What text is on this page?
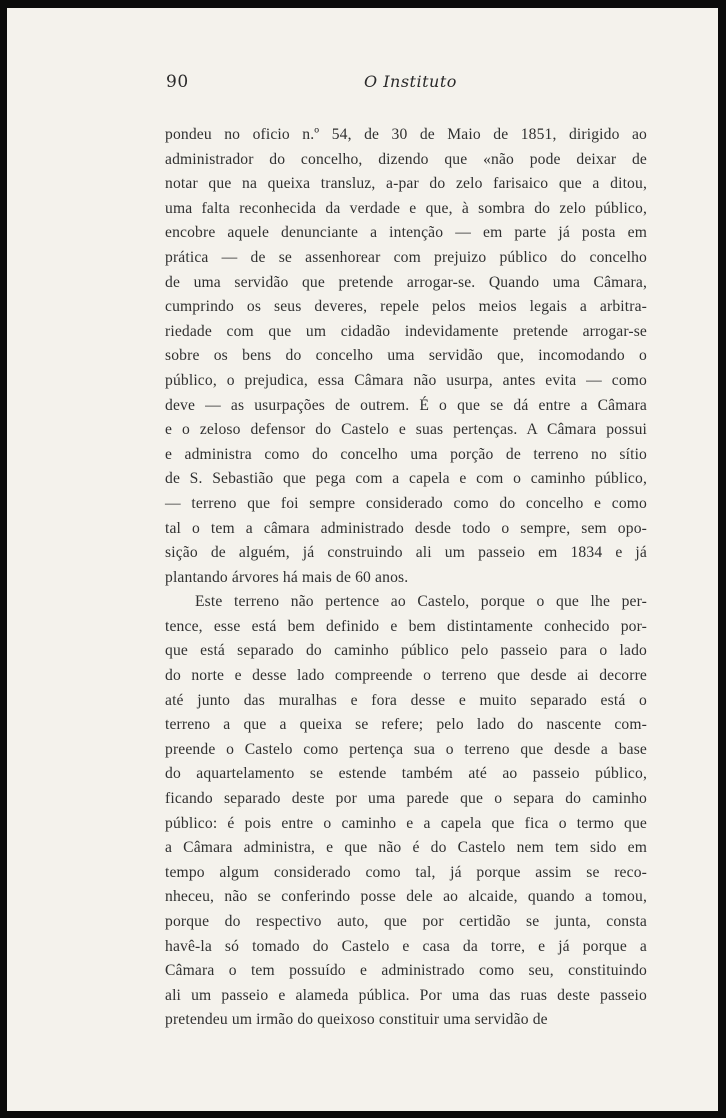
90	O Instituto
pondeu no oficio n.º 54, de 30 de Maio de 1851, dirigido ao
administrador do concelho, dizendo que «não pode deixar de
notar que na queixa transluz, a-par do zelo farisaico que a ditou,
uma falta reconhecida da verdade e que, à sombra do zelo público,
encobre aquele denunciante a intenção — em parte já posta em
prática — de se assenhorear com prejuizo público do concelho
de uma servidão que pretende arrogar-se. Quando uma Câmara,
cumprindo os seus deveres, repele pelos meios legais a arbitra-
riedade com que um cidadão indevidamente pretende arrogar-se
sobre os bens do concelho uma servidão que, incomodando o
público, o prejudica, essa Câmara não usurpa, antes evita — como
deve — as usurpações de outrem. É o que se dá entre a Câmara
e o zeloso defensor do Castelo e suas pertenças. A Câmara possui
e administra como do concelho uma porção de terreno no sítio
de S. Sebastião que pega com a capela e com o caminho público,
— terreno que foi sempre considerado como do concelho e como
tal o tem a câmara administrado desde todo o sempre, sem opo-
sição de alguém, já construindo ali um passeio em 1834 e já
plantando árvores há mais de 60 anos.
Este terreno não pertence ao Castelo, porque o que lhe per-
tence, esse está bem definido e bem distintamente conhecido por-
que está separado do caminho público pelo passeio para o lado
do norte e desse lado compreende o terreno que desde ai decorre
até junto das muralhas e fora desse e muito separado está o
terreno a que a queixa se refere; pelo lado do nascente com-
preende o Castelo como pertença sua o terreno que desde a base
do aquartelamento se estende também até ao passeio público,
ficando separado deste por uma parede que o separa do caminho
público: é pois entre o caminho e a capela que fica o termo que
a Câmara administra, e que não é do Castelo nem tem sido em
tempo algum considerado como tal, já porque assim se reco-
nheceu, não se conferindo posse dele ao alcaide, quando a tomou,
porque do respectivo auto, que por certidão se junta, consta
havê-la só tomado do Castelo e casa da torre, e já porque a
Câmara o tem possuído e administrado como seu, constituindo
ali um passeio e alameda pública. Por uma das ruas deste passeio
pretendeu um irmão do queixoso constituir uma servidão de
